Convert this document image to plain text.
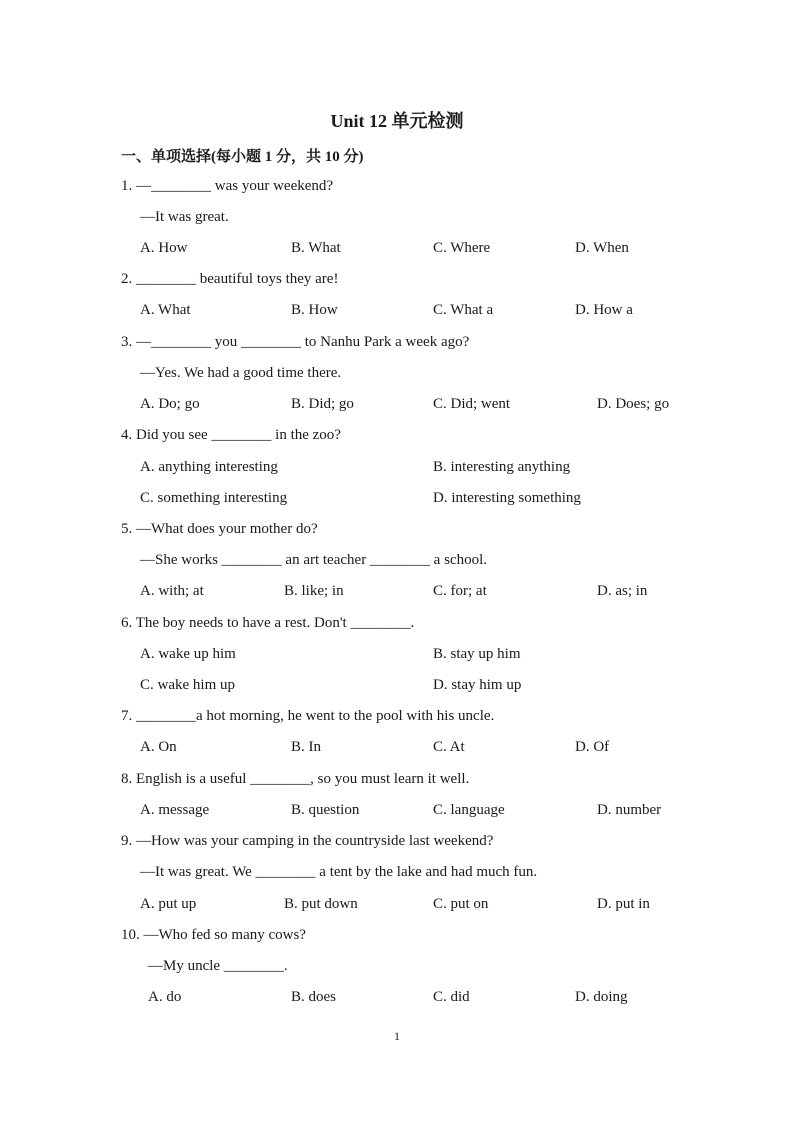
Unit 12 单元检测
一、单项选择(每小题 1 分，共 10 分)
1. —________ was your weekend?
—It was great.
A. How	B. What	C. Where	D. When
2. ________ beautiful toys they are!
A. What	B. How	C. What a	D. How a
3. —________ you ________ to Nanhu Park a week ago?
—Yes. We had a good time there.
A. Do; go	B. Did; go	C. Did; went	D. Does; go
4. Did you see ________ in the zoo?
A. anything interesting	B. interesting anything
C. something interesting	D. interesting something
5. —What does your mother do?
—She works ________ an art teacher ________ a school.
A. with; at	B. like; in	C. for; at	D. as; in
6. The boy needs to have a rest. Don't ________.
A. wake up him	B. stay up him
C. wake him up	D. stay him up
7. ________a hot morning, he went to the pool with his uncle.
A. On	B. In	C. At	D. Of
8. English is a useful ________, so you must learn it well.
A. message	B. question	C. language	D. number
9. —How was your camping in the countryside last weekend?
—It was great. We ________ a tent by the lake and had much fun.
A. put up	B. put down	C. put on	D. put in
10. —Who fed so many cows?
—My uncle ________.
A. do	B. does	C. did	D. doing
1
